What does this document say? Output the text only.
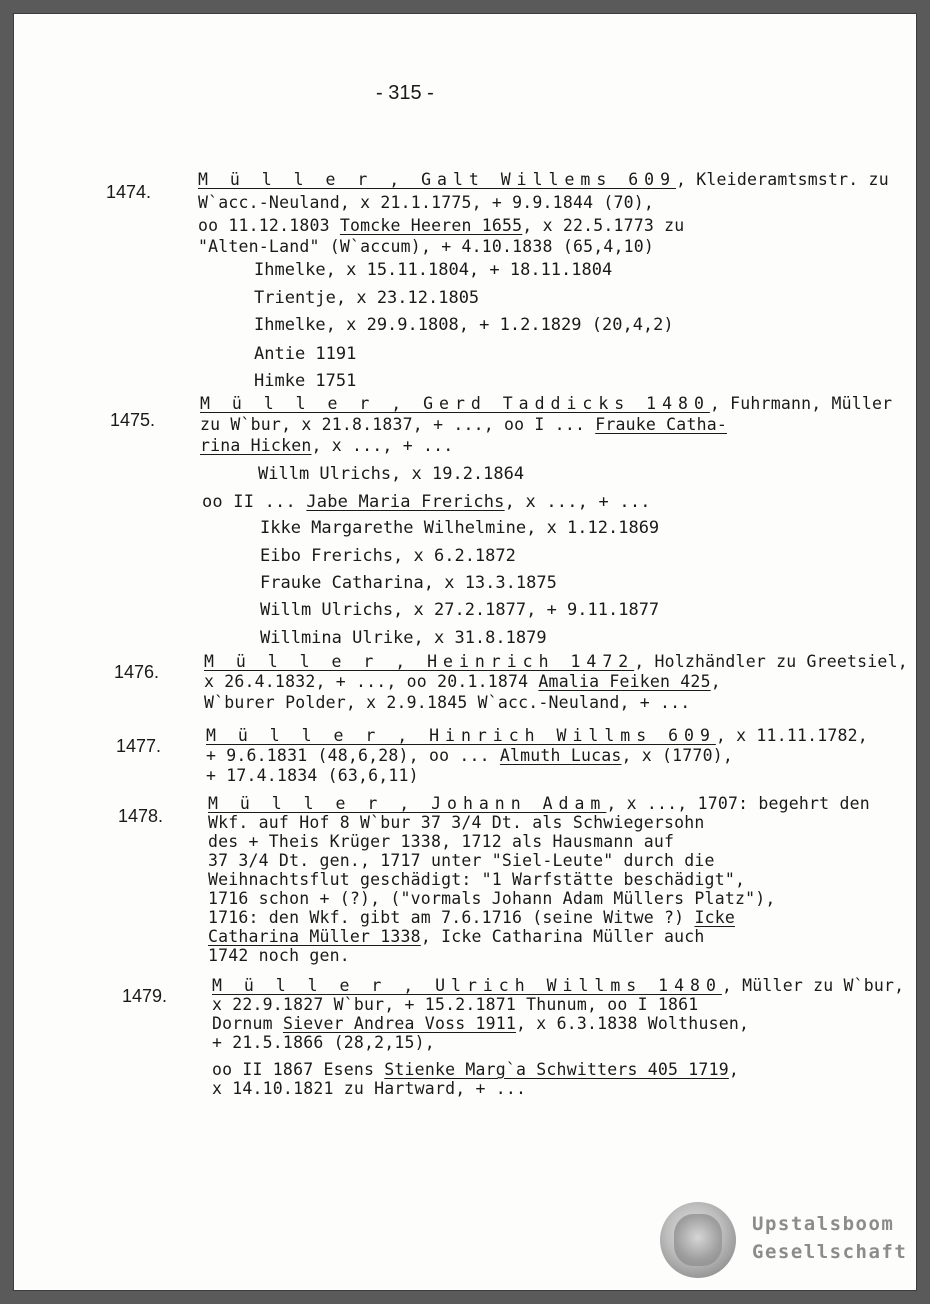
- 315 -
1474.
M ü l l e r , Galt Willems 609, Kleideramtsmstr. zu
W`acc.-Neuland, x 21.1.1775, + 9.9.1844 (70),
oo 11.12.1803 Tomcke Heeren 1655, x 22.5.1773 zu
"Alten-Land" (W`accum), + 4.10.1838 (65,4,10)
Ihmelke, x 15.11.1804, + 18.11.1804
Trientje, x 23.12.1805
Ihmelke, x 29.9.1808, + 1.2.1829 (20,4,2)
Antie 1191
Himke 1751
1475.
M ü l l e r , Gerd Taddicks 1480, Fuhrmann, Müller
zu W`bur, x 21.8.1837, + ..., oo I ... Frauke Catha-
rina Hicken, x ..., + ...
Willm Ulrichs, x 19.2.1864
oo II ... Jabe Maria Frerichs, x ..., + ...
Ikke Margarethe Wilhelmine, x 1.12.1869
Eibo Frerichs, x 6.2.1872
Frauke Catharina, x 13.3.1875
Willm Ulrichs, x 27.2.1877, + 9.11.1877
Willmina Ulrike, x 31.8.1879
1476.
M ü l l e r , Heinrich 1472, Holzhändler zu Greetsiel,
x 26.4.1832, + ..., oo 20.1.1874 Amalia Feiken 425,
W`burer Polder, x 2.9.1845 W`acc.-Neuland, + ...
1477.
M ü l l e r , Hinrich Willms 609, x 11.11.1782,
+ 9.6.1831 (48,6,28), oo ... Almuth Lucas, x (1770),
+ 17.4.1834 (63,6,11)
1478.
M ü l l e r , Johann Adam, x ..., 1707: begehrt den
Wkf. auf Hof 8 W`bur 37 3/4 Dt. als Schwiegersohn
des + Theis Krüger 1338, 1712 als Hausmann auf
37 3/4 Dt. gen., 1717 unter "Siel-Leute" durch die
Weihnachtsflut geschädigt: "1 Warfstätte beschädigt",
1716 schon + (?), ("vormals Johann Adam Müllers Platz"),
1716: den Wkf. gibt am 7.6.1716 (seine Witwe ?) Icke
Catharina Müller 1338, Icke Catharina Müller auch
1742 noch gen.
1479.
M ü l l e r , Ulrich Willms 1480, Müller zu W`bur,
x 22.9.1827 W`bur, + 15.2.1871 Thunum, oo I 1861
Dornum Siever Andrea Voss 1911, x 6.3.1838 Wolthusen,
+ 21.5.1866 (28,2,15),
oo II 1867 Esens Stienke Marg`a Schwitters 405 1719,
x 14.10.1821 zu Hartward, + ...
Upstalsboom
Gesellschaft
